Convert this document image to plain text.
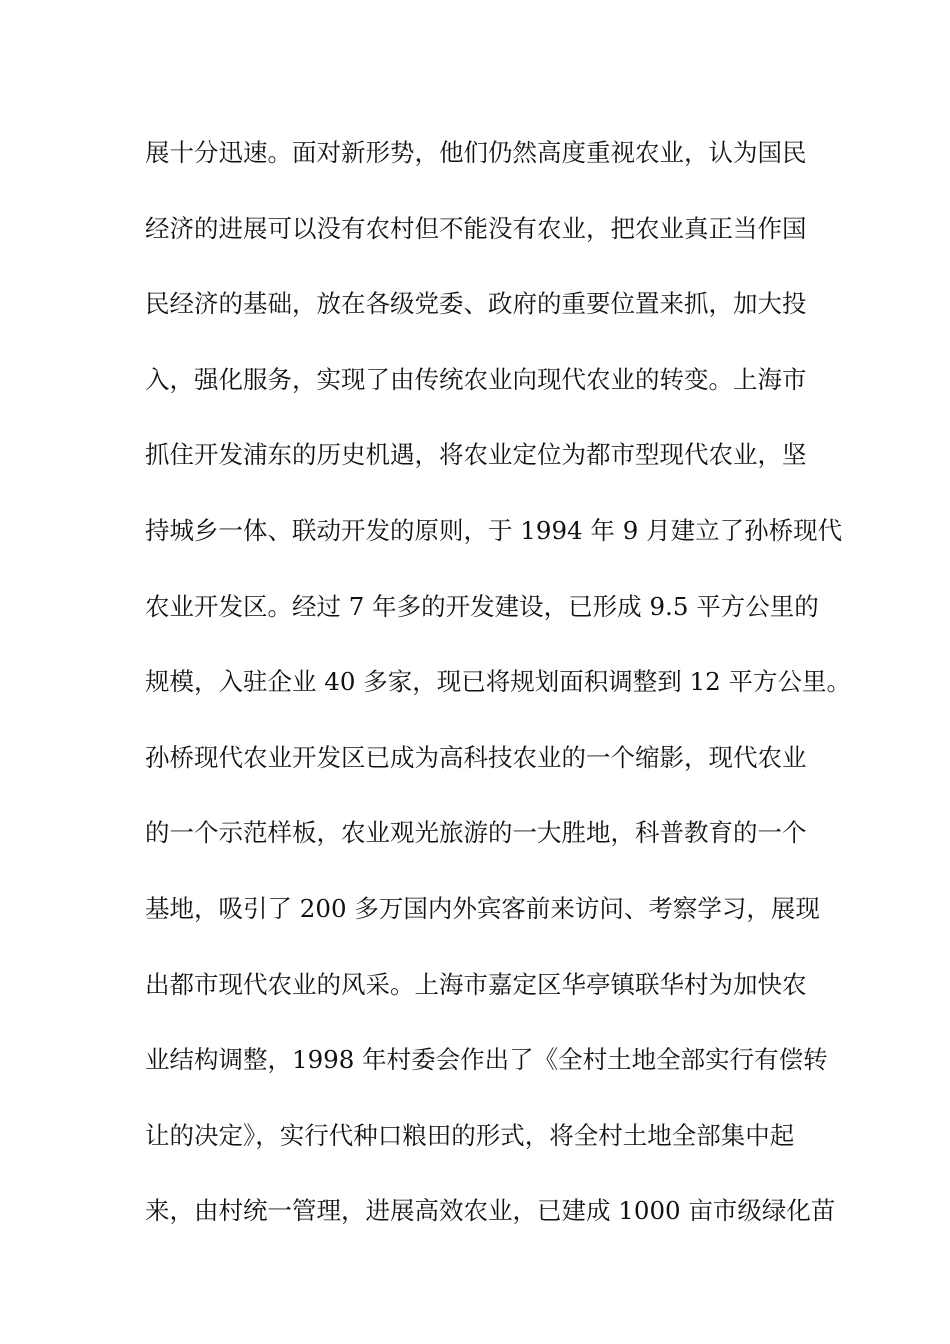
展十分迅速。面对新形势，他们仍然高度重视农业，认为国民
经济的进展可以没有农村但不能没有农业，把农业真正当作国
民经济的基础，放在各级党委、政府的重要位置来抓，加大投
入，强化服务，实现了由传统农业向现代农业的转变。上海市
抓住开发浦东的历史机遇，将农业定位为都市型现代农业，坚
持城乡一体、联动开发的原则，于 1994 年 9 月建立了孙桥现代
农业开发区。经过 7 年多的开发建设，已形成 9.5 平方公里的
规模，入驻企业 40 多家，现已将规划面积调整到 12 平方公里。
孙桥现代农业开发区已成为高科技农业的一个缩影，现代农业
的一个示范样板，农业观光旅游的一大胜地，科普教育的一个
基地，吸引了 200 多万国内外宾客前来访问、考察学习，展现
出都市现代农业的风采。上海市嘉定区华亭镇联华村为加快农
业结构调整，1998 年村委会作出了《全村土地全部实行有偿转
让的决定》，实行代种口粮田的形式，将全村土地全部集中起
来，由村统一管理，进展高效农业，已建成 1000 亩市级绿化苗
